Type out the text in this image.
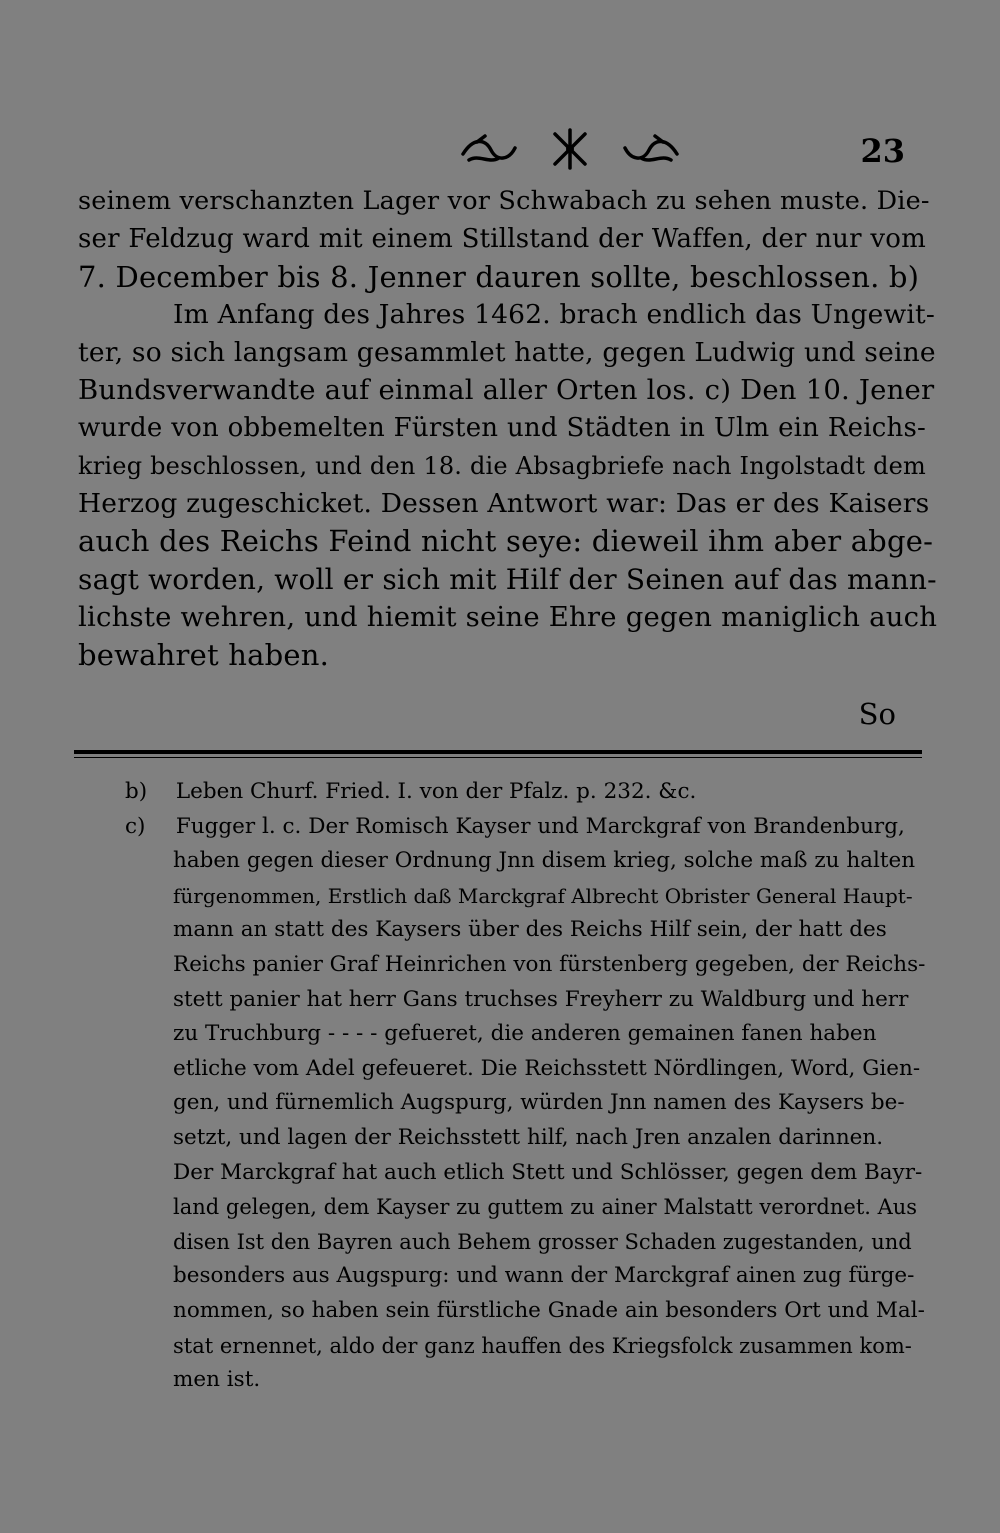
23
seinem verschanzten Lager vor Schwabach zu sehen muste. Die-
ser Feldzug ward mit einem Stillstand der Waffen, der nur vom
7. December bis 8. Jenner dauren sollte, beschlossen. b)
Im Anfang des Jahres 1462. brach endlich das Ungewit-
ter, so sich langsam gesammlet hatte, gegen Ludwig und seine
Bundsverwandte auf einmal aller Orten los. c) Den 10. Jener
wurde von obbemelten Fürsten und Städten in Ulm ein Reichs-
krieg beschlossen, und den 18. die Absagbriefe nach Ingolstadt dem
Herzog zugeschicket. Dessen Antwort war: Das er des Kaisers
auch des Reichs Feind nicht seye: dieweil ihm aber abge-
sagt worden, woll er sich mit Hilf der Seinen auf das mann-
lichste wehren, und hiemit seine Ehre gegen maniglich auch
bewahret haben.
So
b) Leben Churf. Fried. I. von der Pfalz. p. 232. &c.
c) Fugger l. c. Der Romisch Kayser und Marckgraf von Brandenburg,
haben gegen dieser Ordnung Jnn disem krieg, solche maß zu halten
fürgenommen, Erstlich daß Marckgraf Albrecht Obrister General Haupt-
mann an statt des Kaysers über des Reichs Hilf sein, der hatt des
Reichs panier Graf Heinrichen von fürstenberg gegeben, der Reichs-
stett panier hat herr Gans truchses Freyherr zu Waldburg und herr
zu Truchburg - - - - gefueret, die anderen gemainen fanen haben
etliche vom Adel gefeueret. Die Reichsstett Nördlingen, Word, Gien-
gen, und fürnemlich Augspurg, würden Jnn namen des Kaysers be-
setzt, und lagen der Reichsstett hilf, nach Jren anzalen darinnen.
Der Marckgraf hat auch etlich Stett und Schlösser, gegen dem Bayr-
land gelegen, dem Kayser zu guttem zu ainer Malstatt verordnet. Aus
disen Ist den Bayren auch Behem grosser Schaden zugestanden, und
besonders aus Augspurg: und wann der Marckgraf ainen zug fürge-
nommen, so haben sein fürstliche Gnade ain besonders Ort und Mal-
stat ernennet, aldo der ganz hauffen des Kriegsfolck zusammen kom-
men ist.
